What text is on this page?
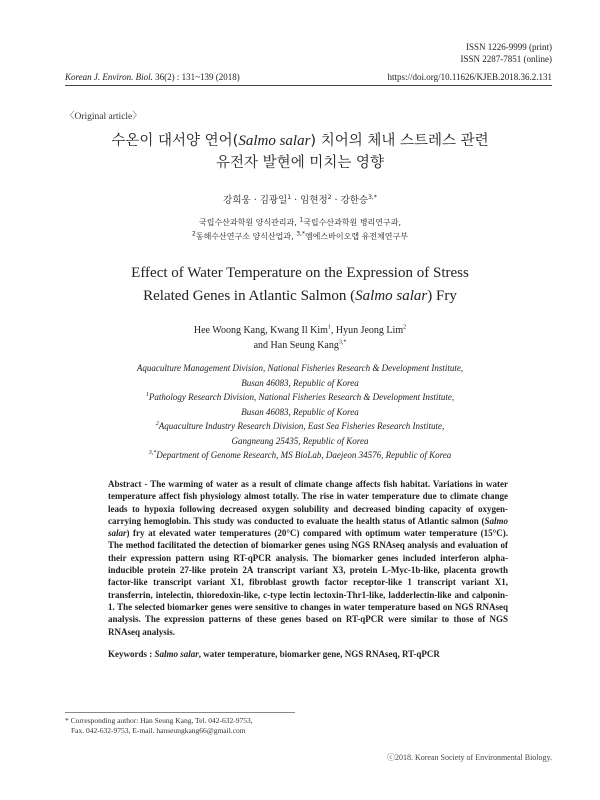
ISSN 1226-9999 (print)
ISSN 2287-7851 (online)
Korean J. Environ. Biol. 36(2) : 131~139 (2018)	https://doi.org/10.11626/KJEB.2018.36.2.131
〈Original article〉
수온이 대서양 연어(Salmo salar) 치어의 체내 스트레스 관련
유전자 발현에 미치는 영향
강희웅 · 김광일$^1$ · 임현정$^2$ · 강한승$^{3,*}$
국립수산과학원 양식관리과, $^1$국립수산과학원 병리연구과,
$^2$동해수산연구소 양식산업과, $^{3,*}$엠에스바이오랩 유전체연구부
Effect of Water Temperature on the Expression of Stress
Related Genes in Atlantic Salmon (Salmo salar) Fry
Hee Woong Kang, Kwang Il Kim$^1$, Hyun Jeong Lim$^2$
and Han Seung Kang$^{3,*}$
Aquaculture Management Division, National Fisheries Research & Development Institute,
Busan 46083, Republic of Korea
$^1$Pathology Research Division, National Fisheries Research & Development Institute,
Busan 46083, Republic of Korea
$^2$Aquaculture Industry Research Division, East Sea Fisheries Research Institute,
Gangneung 25435, Republic of Korea
$^{3,*}$Department of Genome Research, MS BioLab, Daejeon 34576, Republic of Korea
Abstract - The warming of water as a result of climate change affects fish habitat. Variations in water temperature affect fish physiology almost totally. The rise in water temperature due to climate change leads to hypoxia following decreased oxygen solubility and decreased binding capacity of oxygen-carrying hemoglobin. This study was conducted to evaluate the health status of Atlantic salmon (Salmo salar) fry at elevated water temperatures (20°C) compared with optimum water temperature (15°C). The method facilitated the detection of biomarker genes using NGS RNAseq analysis and evaluation of their expression pattern using RT-qPCR analysis. The biomarker genes included interferon alpha-inducible protein 27-like protein 2A transcript variant X3, protein L-Myc-1b-like, placenta growth factor-like transcript variant X1, fibroblast growth factor receptor-like 1 transcript variant X1, transferrin, intelectin, thioredoxin-like, c-type lectin lectoxin-Thr1-like, ladderlectin-like and calponin-1. The selected biomarker genes were sensitive to changes in water temperature based on NGS RNAseq analysis. The expression patterns of these genes based on RT-qPCR were similar to those of NGS RNAseq analysis.
Keywords : Salmo salar, water temperature, biomarker gene, NGS RNAseq, RT-qPCR
* Corresponding author: Han Seung Kang, Tel. 042-632-9753,
Fax. 042-632-9753, E-mail. hanseungkang66@gmail.com
ⓒ2018. Korean Society of Environmental Biology.
